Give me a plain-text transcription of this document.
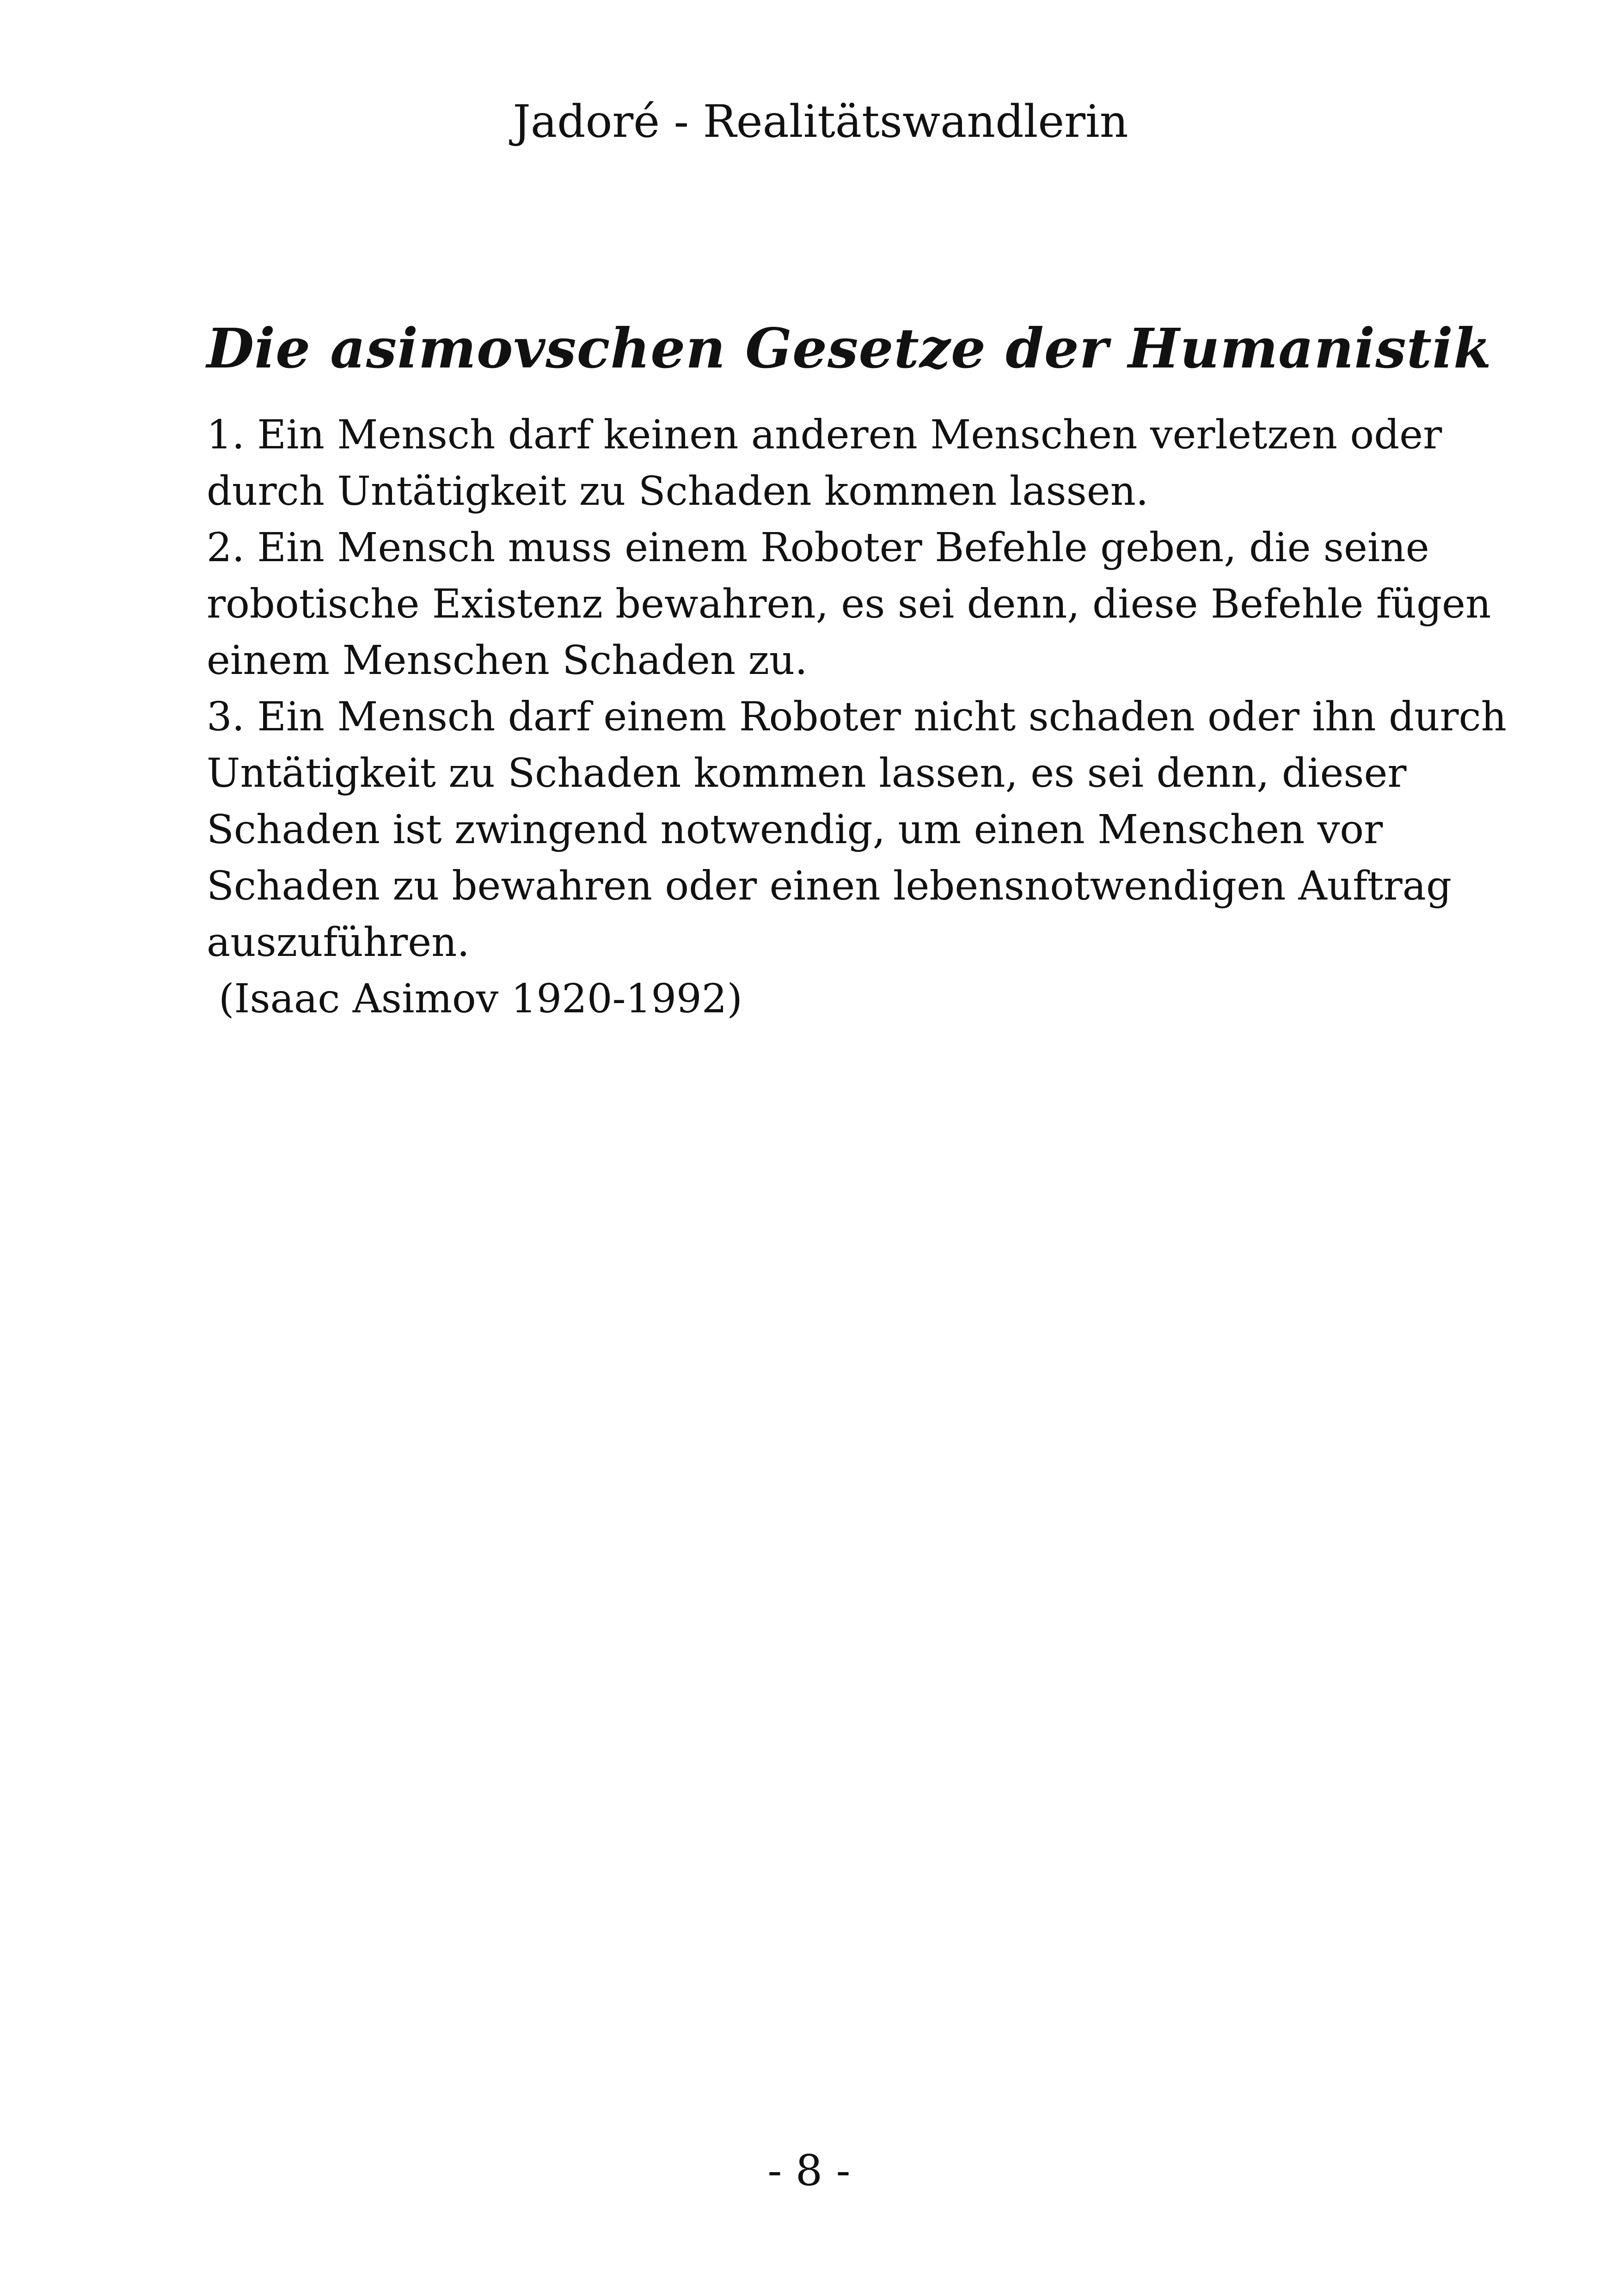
Jadoré - Realitätswandlerin
Die asimovschen Gesetze der Humanistik
1. Ein Mensch darf keinen anderen Menschen verletzen oder
durch Untätigkeit zu Schaden kommen lassen.
2. Ein Mensch muss einem Roboter Befehle geben, die seine
robotische Existenz bewahren, es sei denn, diese Befehle fügen
einem Menschen Schaden zu.
3. Ein Mensch darf einem Roboter nicht schaden oder ihn durch
Untätigkeit zu Schaden kommen lassen, es sei denn, dieser
Schaden ist zwingend notwendig, um einen Menschen vor
Schaden zu bewahren oder einen lebensnotwendigen Auftrag
auszuführen.
(Isaac Asimov 1920-1992)
- 8 -
